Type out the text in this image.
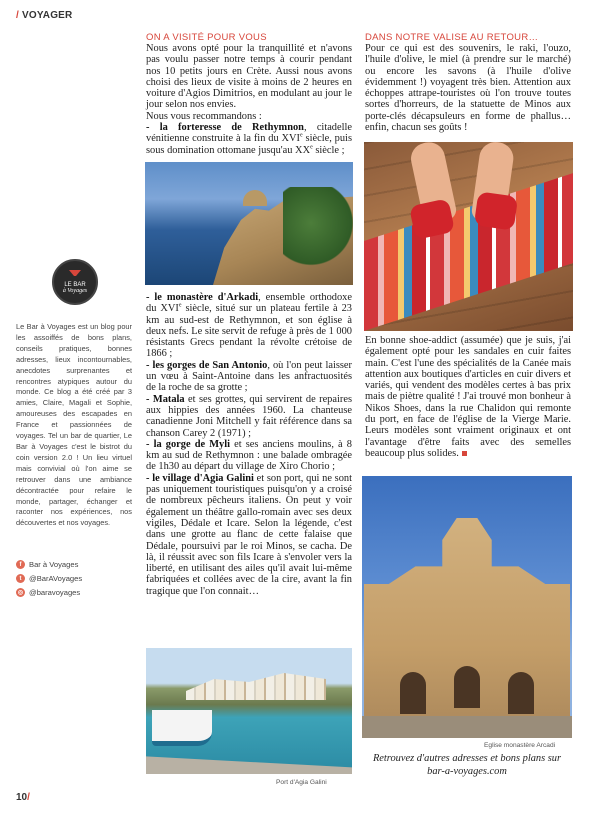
/ VOYAGER
ON A VISITÉ POUR VOUS

Nous avons opté pour la tranquillité et n'avons pas voulu passer notre temps à courir pendant nos 10 petits jours en Crète. Aussi nous avons choisi des lieux de visite à moins de 2 heures en voiture d'Agios Dimitrios, en modulant au jour le jour selon nos envies.

Nous vous recommandons :

- la forteresse de Rethymnon, citadelle vénitienne construite à la fin du XVIe siècle, puis sous domination ottomane jusqu'au XXe siècle ;

- le monastère d'Arkadi, ensemble orthodoxe du XVIe siècle, situé sur un plateau fertile à 23 km au sud-est de Rethymnon, et son église à deux nefs. Le site servit de refuge à près de 1 000 résistants Grecs pendant la révolte crétoise de 1866 ;

- les gorges de San Antonio, où l'on peut laisser un vœu à Saint-Antoine dans les anfractuosités de la roche de sa grotte ;

- Matala et ses grottes, qui servirent de repaires aux hippies des années 1960. La chanteuse canadienne Joni Mitchell y fait référence dans sa chanson Carey 2 (1971) ;

- la gorge de Myli et ses anciens moulins, à 8 km au sud de Rethymnon : une balade ombragée de 1h30 au départ du village de Xiro Chorio ;

- le village d'Agia Galini et son port, qui ne sont pas uniquement touristiques puisqu'on y a croisé de nombreux pêcheurs italiens. On peut y voir également un théâtre gallo-romain avec ses deux vigiles, Dédale et Icare. Selon la légende, c'est dans une grotte au flanc de cette falaise que Dédale, poursuivi par le roi Minos, se cacha. De là, il réussit avec son fils Icare à s'envoler vers la liberté, en utilisant des ailes qu'il avait lui-même fabriquées et collées avec de la cire, avant la fin tragique que l'on connait…

Port d'Agia Galini
DANS NOTRE VALISE AU RETOUR…
Pour ce qui est des souvenirs, le raki, l'ouzo, l'huile d'olive, le miel (à prendre sur le marché) ou encore les savons (à l'huile d'olive évidemment !) voyagent très bien. Attention aux échoppes attrape-touristes où l'on trouve toutes sortes d'horreurs, de la statuette de Minos aux porte-clés décapsuleurs en forme de phallus… enfin, chacun ses goûts !

En bonne shoe-addict (assumée) que je suis, j'ai également opté pour les sandales en cuir faites main. C'est l'une des spécialités de la Canée mais attention aux boutiques d'articles en cuir divers et variés, qui vendent des modèles certes à bas prix mais de piètre qualité ! J'ai trouvé mon bonheur à Nikos Shoes, dans la rue Chalidon qui remonte du port, en face de l'église de la Vierge Marie. Leurs modèles sont vraiment originaux et ont l'avantage d'être faits avec des semelles beaucoup plus solides.

Eglise monastère Arcadi
Retrouvez d'autres adresses et bons plans sur
bar-a-voyages.com
LE BAR
à Voyages
Le Bar à Voyages est un blog pour les assoiffés de bons plans, conseils pratiques, bonnes adresses, lieux incontournables, anecdotes surprenantes et rencontres atypiques autour du monde. Ce blog a été créé par 3 amies, Claire, Magali et Sophie, amoureuses des escapades en France et passionnées de voyages. Tel un bar de quartier, Le Bar à Voyages c'est le bistrot du coin version 2.0 ! Un lieu virtuel mais convivial où l'on aime se retrouver dans une ambiance décontractée pour refaire le monde, partager, échanger et raconter nos expériences, nos découvertes et nos voyages.
f Bar à Voyages
t @BarAVoyages
◎ @baravoyages
10/
